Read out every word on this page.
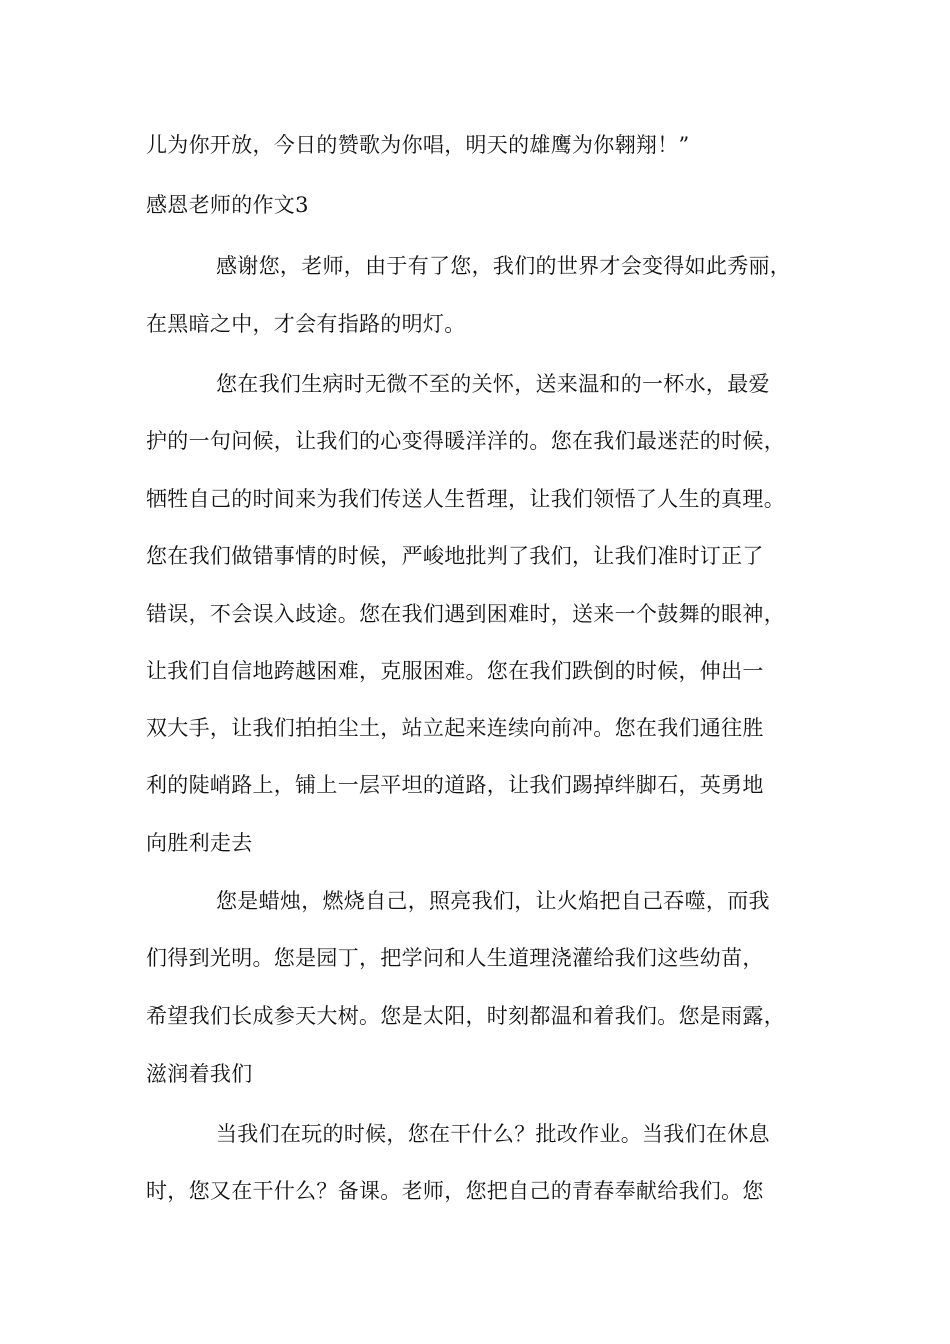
儿为你开放，今日的赞歌为你唱，明天的雄鹰为你翱翔！”
感恩老师的作文3
感谢您，老师，由于有了您，我们的世界才会变得如此秀丽，
在黑暗之中，才会有指路的明灯。
您在我们生病时无微不至的关怀，送来温和的一杯水，最爱
护的一句问候，让我们的心变得暖洋洋的。您在我们最迷茫的时候，
牺牲自己的时间来为我们传送人生哲理，让我们领悟了人生的真理。
您在我们做错事情的时候，严峻地批判了我们，让我们准时订正了
错误，不会误入歧途。您在我们遇到困难时，送来一个鼓舞的眼神，
让我们自信地跨越困难，克服困难。您在我们跌倒的时候，伸出一
双大手，让我们拍拍尘土，站立起来连续向前冲。您在我们通往胜
利的陡峭路上，铺上一层平坦的道路，让我们踢掉绊脚石，英勇地
向胜利走去
您是蜡烛，燃烧自己，照亮我们，让火焰把自己吞噬，而我
们得到光明。您是园丁，把学问和人生道理浇灌给我们这些幼苗，
希望我们长成参天大树。您是太阳，时刻都温和着我们。您是雨露，
滋润着我们
当我们在玩的时候，您在干什么？批改作业。当我们在休息
时，您又在干什么？备课。老师，您把自己的青春奉献给我们。您
